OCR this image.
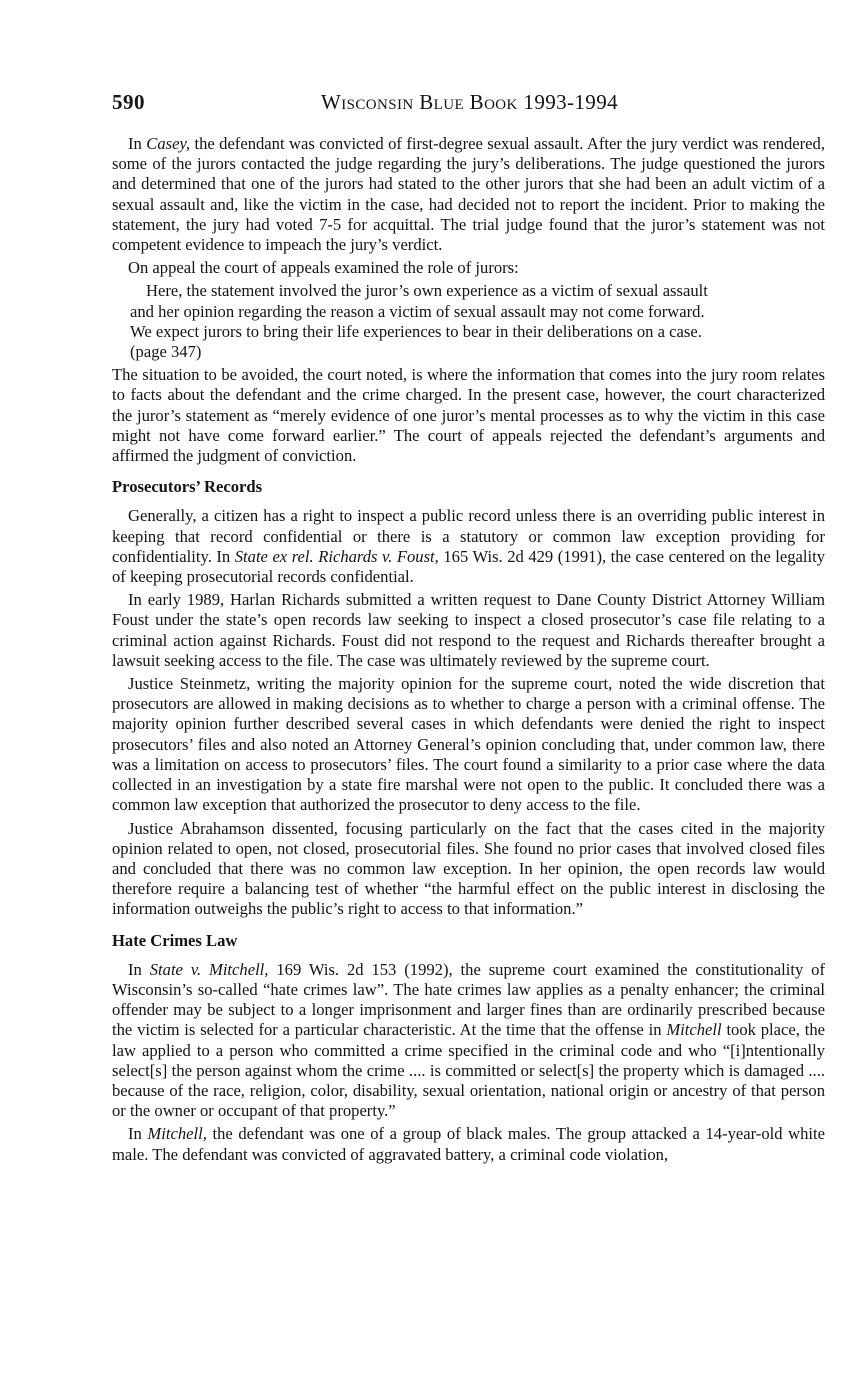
590	Wisconsin Blue Book 1993-1994

In Casey, the defendant was convicted of first-degree sexual assault. After the jury verdict was rendered, some of the jurors contacted the judge regarding the jury’s deliberations. The judge questioned the jurors and determined that one of the jurors had stated to the other jurors that she had been an adult victim of a sexual assault and, like the victim in the case, had decided not to report the incident. Prior to making the statement, the jury had voted 7-5 for acquittal. The trial judge found that the juror’s statement was not competent evidence to impeach the jury’s verdict.

On appeal the court of appeals examined the role of jurors:

Here, the statement involved the juror’s own experience as a victim of sexual assault
and her opinion regarding the reason a victim of sexual assault may not come forward.
We expect jurors to bring their life experiences to bear in their deliberations on a case.
(page 347)

The situation to be avoided, the court noted, is where the information that comes into the jury room relates to facts about the defendant and the crime charged. In the present case, however, the court characterized the juror’s statement as “merely evidence of one juror’s mental processes as to why the victim in this case might not have come forward earlier.” The court of appeals rejected the defendant’s arguments and affirmed the judgment of conviction.

Prosecutors’ Records

Generally, a citizen has a right to inspect a public record unless there is an overriding public interest in keeping that record confidential or there is a statutory or common law exception providing for confidentiality. In State ex rel. Richards v. Foust, 165 Wis. 2d 429 (1991), the case centered on the legality of keeping prosecutorial records confidential.

In early 1989, Harlan Richards submitted a written request to Dane County District Attorney William Foust under the state’s open records law seeking to inspect a closed prosecutor’s case file relating to a criminal action against Richards. Foust did not respond to the request and Richards thereafter brought a lawsuit seeking access to the file. The case was ultimately reviewed by the supreme court.

Justice Steinmetz, writing the majority opinion for the supreme court, noted the wide discretion that prosecutors are allowed in making decisions as to whether to charge a person with a criminal offense. The majority opinion further described several cases in which defendants were denied the right to inspect prosecutors’ files and also noted an Attorney General’s opinion concluding that, under common law, there was a limitation on access to prosecutors’ files. The court found a similarity to a prior case where the data collected in an investigation by a state fire marshal were not open to the public. It concluded there was a common law exception that authorized the prosecutor to deny access to the file.

Justice Abrahamson dissented, focusing particularly on the fact that the cases cited in the majority opinion related to open, not closed, prosecutorial files. She found no prior cases that involved closed files and concluded that there was no common law exception. In her opinion, the open records law would therefore require a balancing test of whether “the harmful effect on the public interest in disclosing the information outweighs the public’s right to access to that information.”

Hate Crimes Law

In State v. Mitchell, 169 Wis. 2d 153 (1992), the supreme court examined the constitutionality of Wisconsin’s so-called “hate crimes law”. The hate crimes law applies as a penalty enhancer; the criminal offender may be subject to a longer imprisonment and larger fines than are ordinarily prescribed because the victim is selected for a particular characteristic. At the time that the offense in Mitchell took place, the law applied to a person who committed a crime specified in the criminal code and who “[i]ntentionally select[s] the person against whom the crime .... is committed or select[s] the property which is damaged .... because of the race, religion, color, disability, sexual orientation, national origin or ancestry of that person or the owner or occupant of that property.”

In Mitchell, the defendant was one of a group of black males. The group attacked a 14-year-old white male. The defendant was convicted of aggravated battery, a criminal code violation,
